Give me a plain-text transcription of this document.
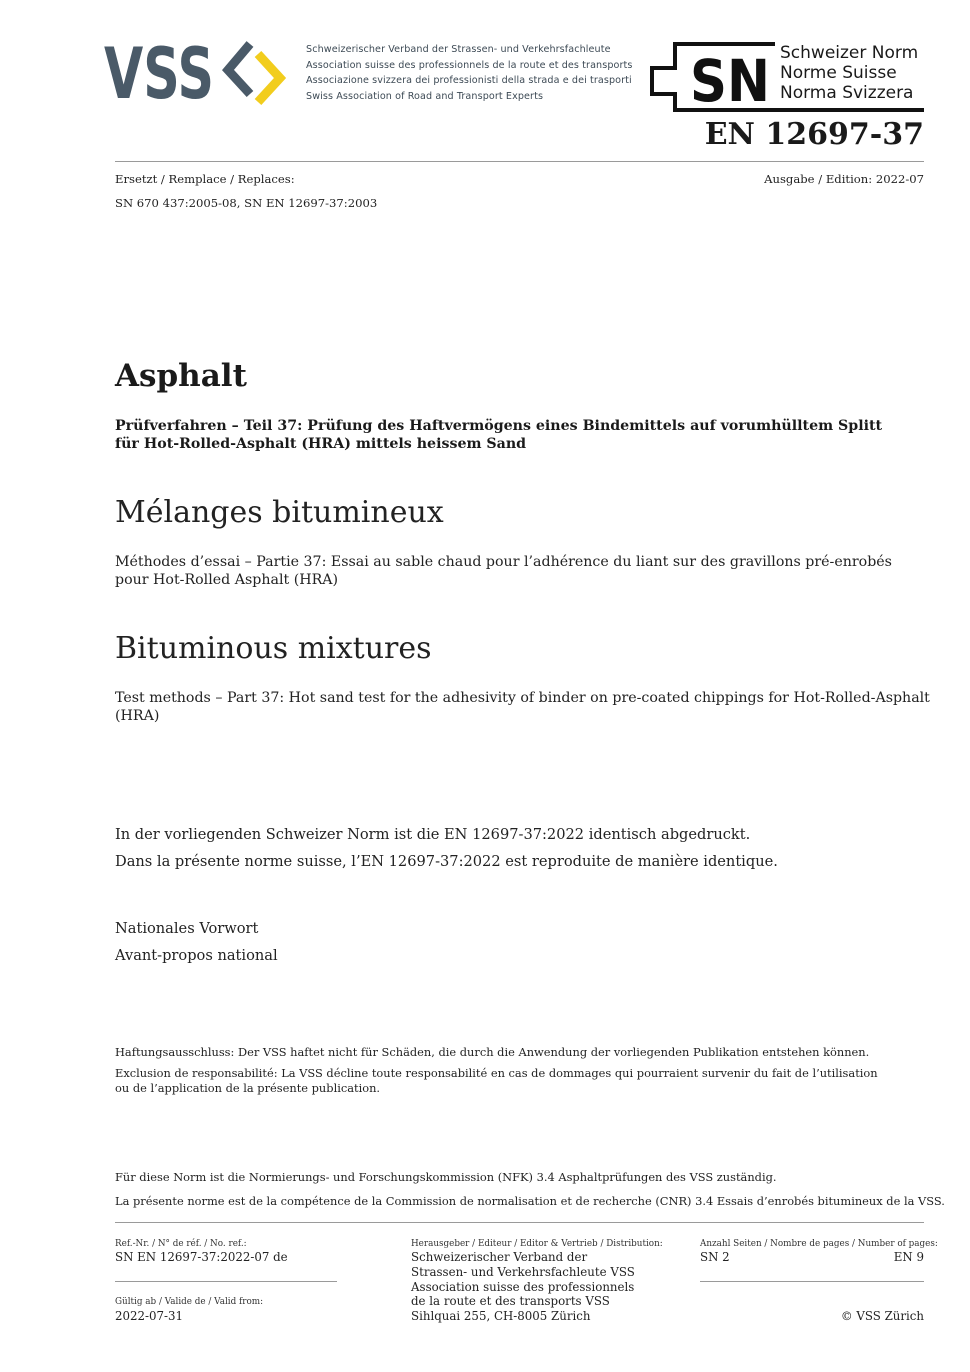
VSS	Schweizerischer Verband der Strassen- und Verkehrsfachleute
Association suisse des professionnels de la route et des transports
Associazione svizzera dei professionisti della strada e dei trasporti
Swiss Association of Road and Transport Experts	SN Schweizer Norm
Norme Suisse
Norma Svizzera
EN 12697-37
Ersetzt / Remplace / Replaces:	Ausgabe / Edition: 2022-07
SN 670 437:2005-08, SN EN 12697-37:2003
Asphalt
Prüfverfahren – Teil 37: Prüfung des Haftvermögens eines Bindemittels auf vorumhülltem Splitt
für Hot-Rolled-Asphalt (HRA) mittels heissem Sand
Mélanges bitumineux
Méthodes d’essai – Partie 37: Essai au sable chaud pour l’adhérence du liant sur des gravillons pré-enrobés
pour Hot-Rolled Asphalt (HRA)
Bituminous mixtures
Test methods – Part 37: Hot sand test for the adhesivity of binder on pre-coated chippings for Hot-Rolled-Asphalt
(HRA)
In der vorliegenden Schweizer Norm ist die EN 12697-37:2022 identisch abgedruckt.
Dans la présente norme suisse, l’EN 12697-37:2022 est reproduite de manière identique.
Nationales Vorwort
Avant-propos national
Haftungsausschluss: Der VSS haftet nicht für Schäden, die durch die Anwendung der vorliegenden Publikation entstehen können.
Exclusion de responsabilité: La VSS décline toute responsabilité en cas de dommages qui pourraient survenir du fait de l’utilisation
ou de l’application de la présente publication.
Für diese Norm ist die Normierungs- und Forschungskommission (NFK) 3.4 Asphaltprüfungen des VSS zuständig.
La présente norme est de la compétence de la Commission de normalisation et de recherche (CNR) 3.4 Essais d’enrobés bitumineux de la VSS.
Ref.-Nr. / N° de réf. / No. ref.:
SN EN 12697-37:2022-07 de
Gültig ab / Valide de / Valid from:
2022-07-31
Herausgeber / Editeur / Editor & Vertrieb / Distribution:
Schweizerischer Verband der
Strassen- und Verkehrsfachleute VSS
Association suisse des professionnels
de la route et des transports VSS
Sihlquai 255, CH-8005 Zürich
Anzahl Seiten / Nombre de pages / Number of pages:
SN 2	EN 9
© VSS Zürich
